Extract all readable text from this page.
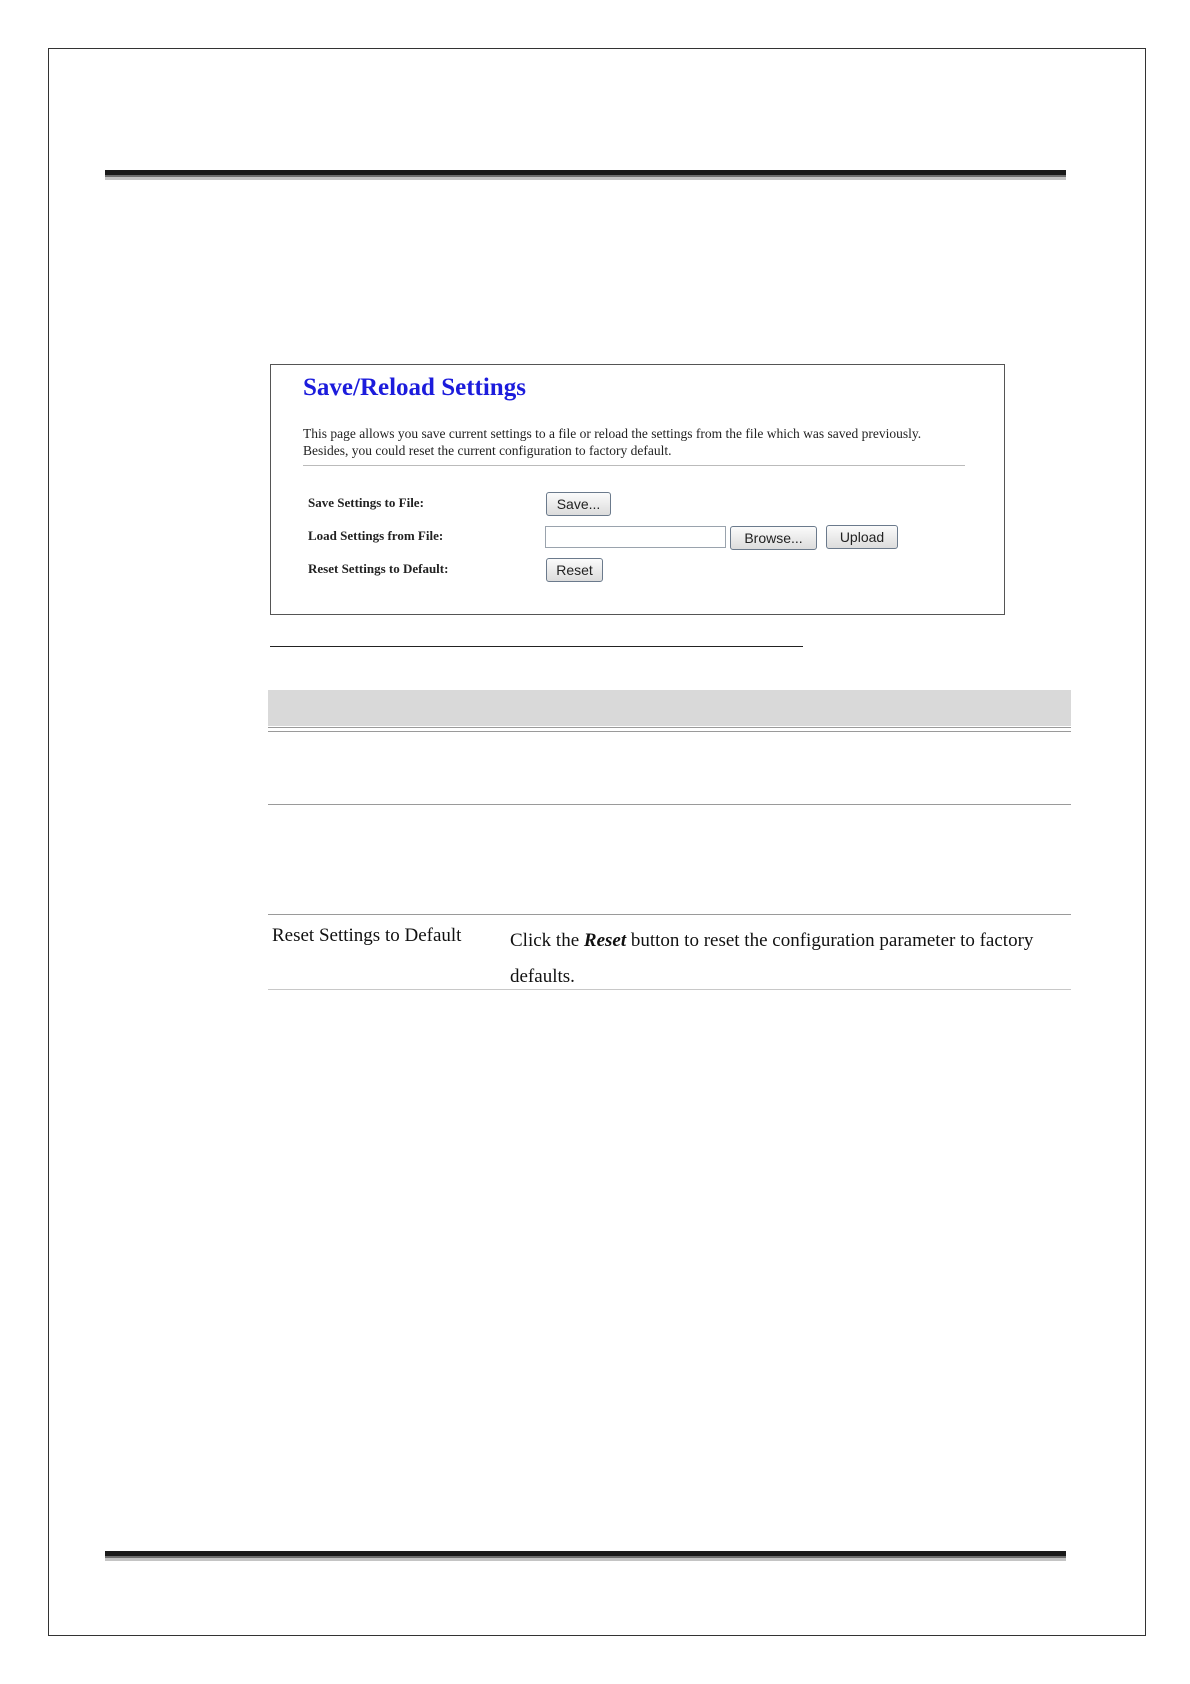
Save/Reload Settings

This page allows you save current settings to a file or reload the settings from the file which was saved previously. Besides, you could reset the current configuration to factory default.

Save Settings to File:	Save...
Load Settings from File:	Browse...	Upload
Reset Settings to Default:	Reset

Reset Settings to Default	Click the Reset button to reset the configuration parameter to factory defaults.
